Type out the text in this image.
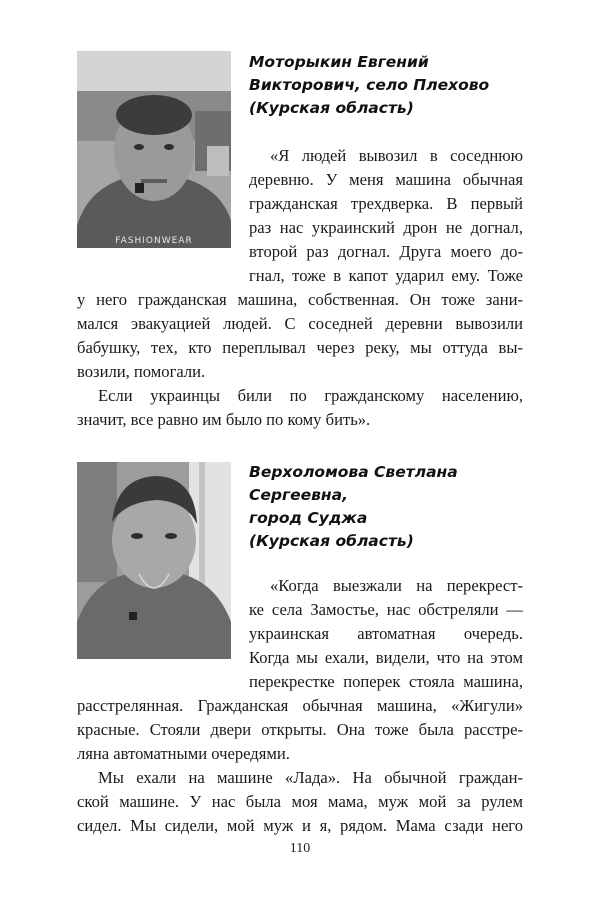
FASHIONWEAR
Моторыкин Евгений
Викторович, село Плехово
(Курская область)
«Я людей вывозил в соседнюю
деревню. У меня машина обычная
гражданская трехдверка. В первый
раз нас украинский дрон не догнал,
второй раз догнал. Друга моего до-
гнал, тоже в капот ударил ему. Тоже
у него гражданская машина, собственная. Он тоже зани-
мался эвакуацией людей. С соседней деревни вывозили
бабушку, тех, кто переплывал через реку, мы оттуда вы-
возили, помогали.
Если украинцы били по гражданскому населению,
значит, все равно им было по кому бить».
Верхоломова Светлана
Сергеевна,
город Суджа
(Курская область)
«Когда выезжали на перекрест-
ке села Замостье, нас обстреляли —
украинская автоматная очередь.
Когда мы ехали, видели, что на этом
перекрестке поперек стояла машина,
расстрелянная. Гражданская обычная машина, «Жигули»
красные. Стояли двери открыты. Она тоже была расстре-
ляна автоматными очередями.
Мы ехали на машине «Лада». На обычной граждан-
ской машине. У нас была моя мама, муж мой за рулем
сидел. Мы сидели, мой муж и я, рядом. Мама сзади него
110
